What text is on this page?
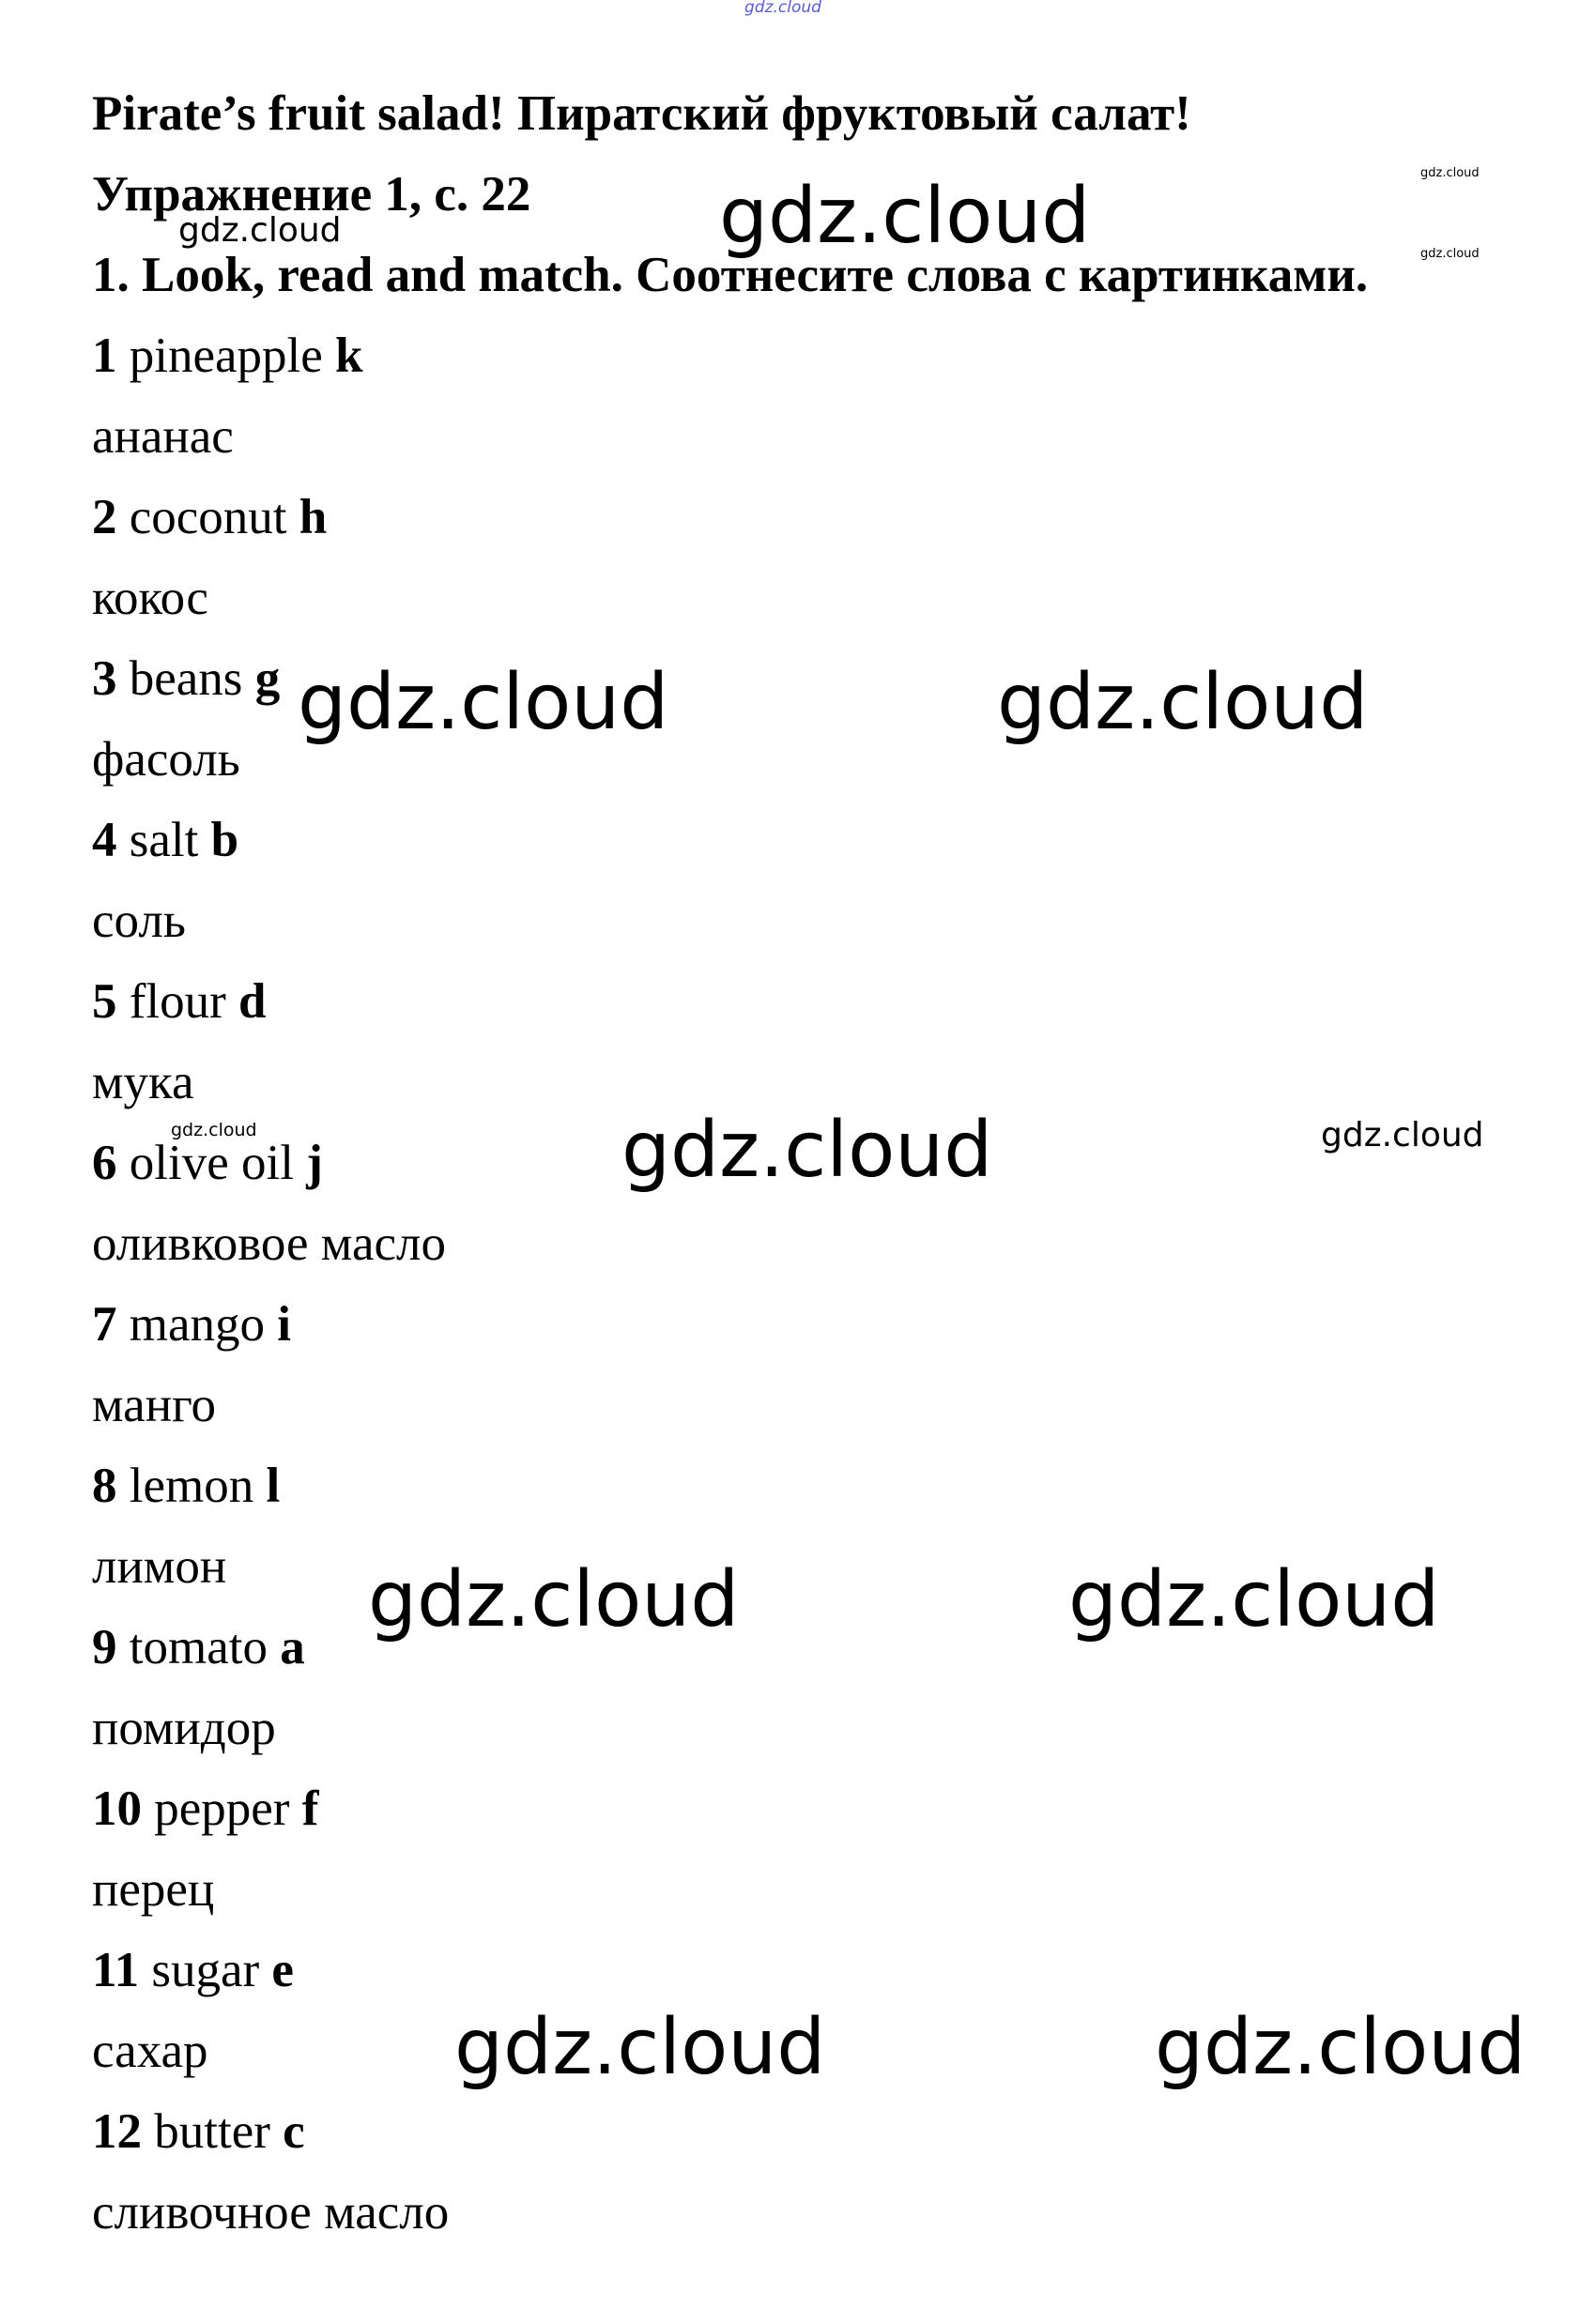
gdz.cloud
gdz.cloud
gdz.cloud
gdz.cloud
gdz.cloud
gdz.cloud	gdz.cloud
gdz.cloud	gdz.cloud	gdz.cloud
gdz.cloud	gdz.cloud
gdz.cloud	gdz.cloud
Pirate’s fruit salad! Пиратский фруктовый салат!
Упражнение 1, с. 22
1. Look, read and match. Соотнесите слова с картинками.
1 pineapple k
ананас
2 coconut h
кокос
3 beans g
фасоль
4 salt b
соль
5 flour d
мука
6 olive oil j
оливковое масло
7 mango i
манго
8 lemon l
лимон
9 tomato a
помидор
10 pepper f
перец
11 sugar e
сахар
12 butter c
сливочное масло
